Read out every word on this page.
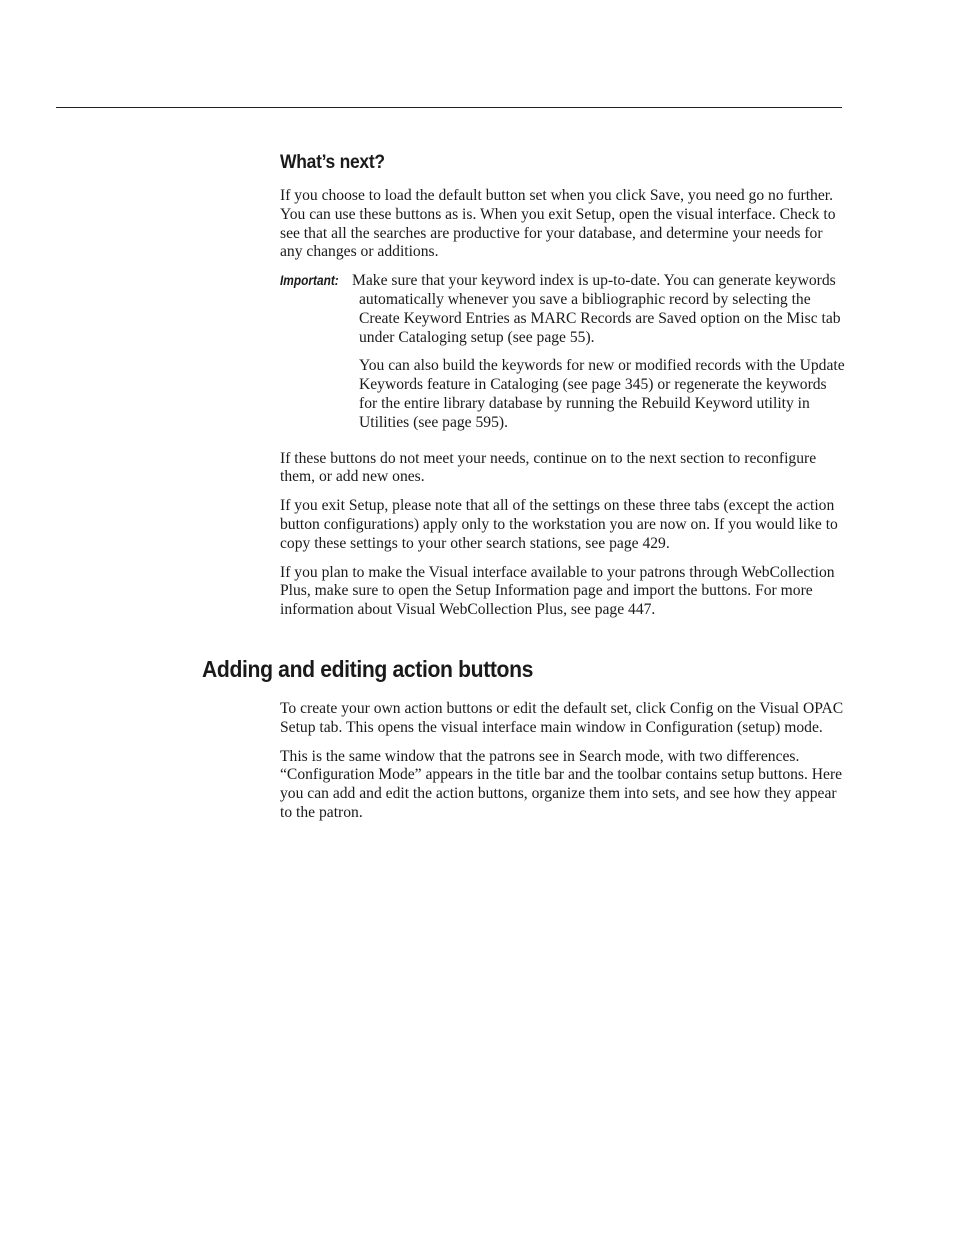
What’s next?

If you choose to load the default button set when you click Save, you need go no further. You can use these buttons as is. When you exit Setup, open the visual interface. Check to see that all the searches are productive for your database, and determine your needs for any changes or additions.

Important: Make sure that your keyword index is up-to-date. You can generate keywords automatically whenever you save a bibliographic record by selecting the Create Keyword Entries as MARC Records are Saved option on the Misc tab under Cataloging setup (see page 55).

You can also build the keywords for new or modified records with the Update Keywords feature in Cataloging (see page 345) or regenerate the keywords for the entire library database by running the Rebuild Keyword utility in Utilities (see page 595).

If these buttons do not meet your needs, continue on to the next section to reconfigure them, or add new ones.

If you exit Setup, please note that all of the settings on these three tabs (except the action button configurations) apply only to the workstation you are now on. If you would like to copy these settings to your other search stations, see page 429.

If you plan to make the Visual interface available to your patrons through WebCollection Plus, make sure to open the Setup Information page and import the buttons. For more information about Visual WebCollection Plus, see page 447.

Adding and editing action buttons

To create your own action buttons or edit the default set, click Config on the Visual OPAC Setup tab. This opens the visual interface main window in Configuration (setup) mode.

This is the same window that the patrons see in Search mode, with two differences. “Configuration Mode” appears in the title bar and the toolbar contains setup buttons. Here you can add and edit the action buttons, organize them into sets, and see how they appear to the patron.
